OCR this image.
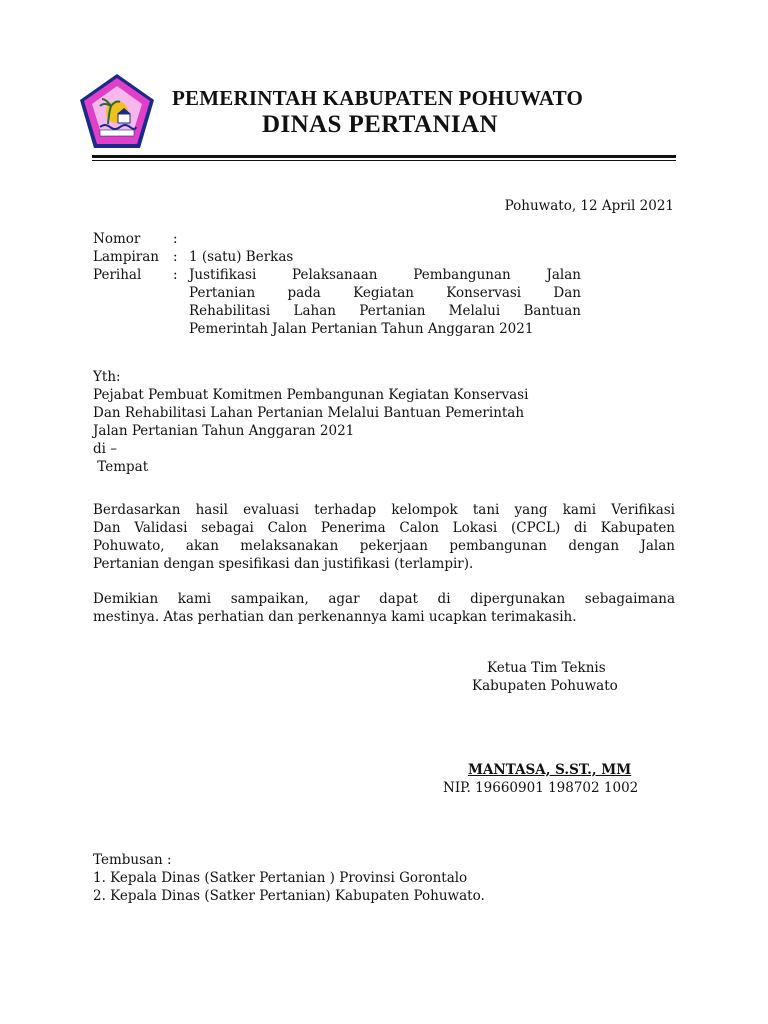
PEMERINTAH KABUPATEN POHUWATO
DINAS PERTANIAN
Pohuwato, 12 April 2021
Nomor	:
Lampiran	: 1 (satu) Berkas
Perihal	: Justifikasi Pelaksanaan Pembangunan Jalan
Pertanian pada Kegiatan Konservasi Dan
Rehabilitasi Lahan Pertanian Melalui Bantuan
Pemerintah Jalan Pertanian Tahun Anggaran 2021
Yth:
Pejabat Pembuat Komitmen Pembangunan Kegiatan Konservasi
Dan Rehabilitasi Lahan Pertanian Melalui Bantuan Pemerintah
Jalan Pertanian Tahun Anggaran 2021
di –
Tempat
Berdasarkan hasil evaluasi terhadap kelompok tani yang kami Verifikasi
Dan Validasi sebagai Calon Penerima Calon Lokasi (CPCL) di Kabupaten
Pohuwato, akan melaksanakan pekerjaan pembangunan dengan Jalan
Pertanian dengan spesifikasi dan justifikasi (terlampir).
Demikian kami sampaikan, agar dapat di dipergunakan sebagaimana
mestinya. Atas perhatian dan perkenannya kami ucapkan terimakasih.
Ketua Tim Teknis
Kabupaten Pohuwato
MANTASA, S.ST., MM
NIP. 19660901 198702 1002
Tembusan :
1. Kepala Dinas (Satker Pertanian ) Provinsi Gorontalo
2. Kepala Dinas (Satker Pertanian) Kabupaten Pohuwato.
